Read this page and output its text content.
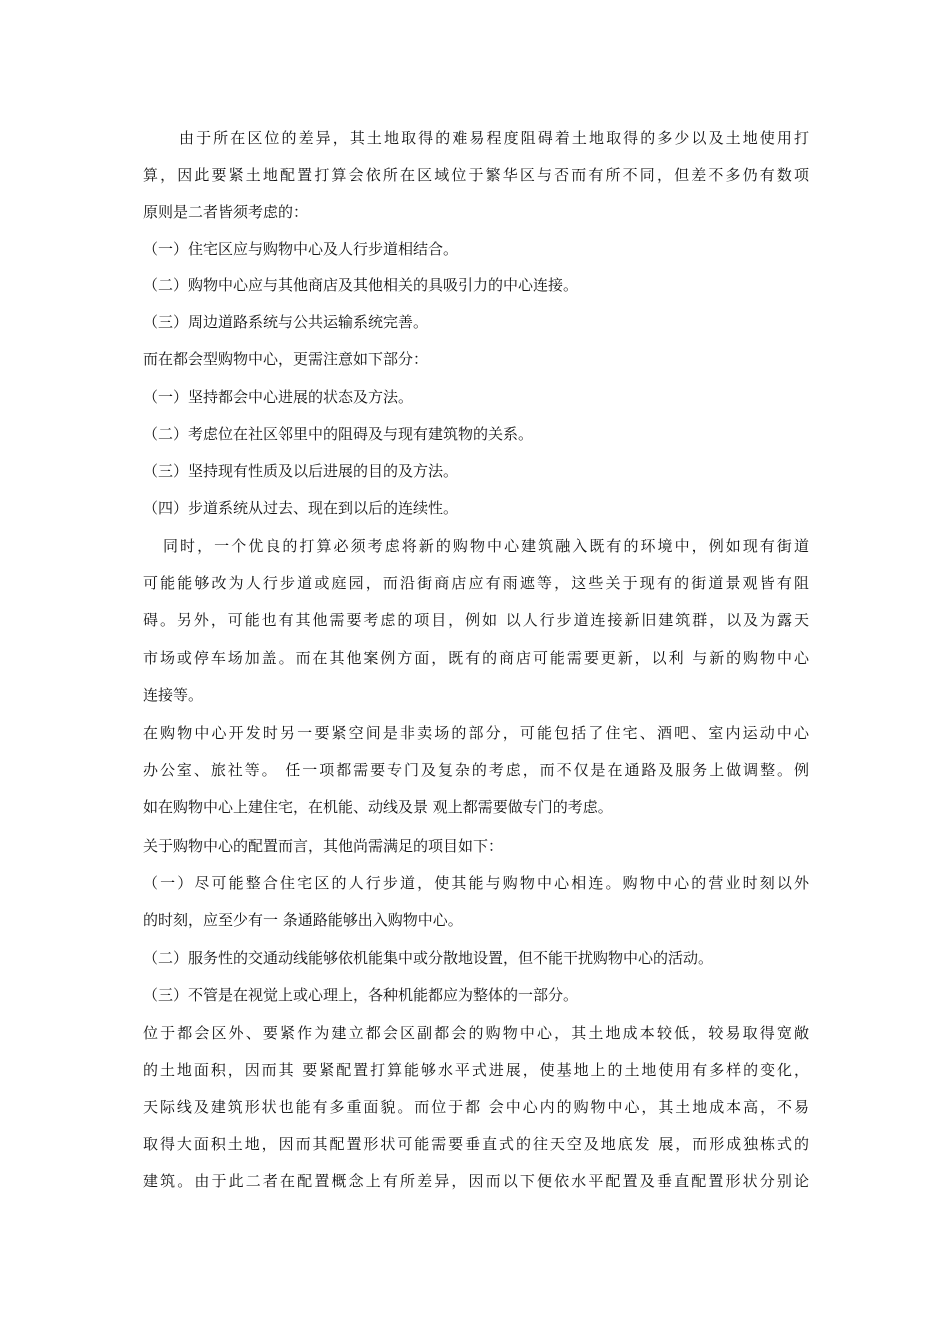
由于所在区位的差异，其土地取得的难易程度阻碍着土地取得的多少以及土地使用打
算，因此要紧土地配置打算会依所在区域位于繁华区与否而有所不同，但差不多仍有数项
原则是二者皆须考虑的：
（一）住宅区应与购物中心及人行步道相结合。
（二）购物中心应与其他商店及其他相关的具吸引力的中心连接。
（三）周边道路系统与公共运输系统完善。
而在都会型购物中心，更需注意如下部分：
（一）坚持都会中心进展的状态及方法。
（二）考虑位在社区邻里中的阻碍及与现有建筑物的关系。
（三）坚持现有性质及以后进展的目的及方法。
（四）步道系统从过去、现在到以后的连续性。
同时，一个优良的打算必须考虑将新的购物中心建筑融入既有的环境中，例如现有街道
可能能够改为人行步道或庭园，而沿街商店应有雨遮等，这些关于现有的街道景观皆有阻
碍。另外，可能也有其他需要考虑的项目，例如 以人行步道连接新旧建筑群，以及为露天
市场或停车场加盖。而在其他案例方面，既有的商店可能需要更新，以利 与新的购物中心
连接等。
在购物中心开发时另一要紧空间是非卖场的部分，可能包括了住宅、酒吧、室内运动中心
办公室、旅社等。 任一项都需要专门及复杂的考虑，而不仅是在通路及服务上做调整。例
如在购物中心上建住宅，在机能、动线及景 观上都需要做专门的考虑。
关于购物中心的配置而言，其他尚需满足的项目如下：
（一）尽可能整合住宅区的人行步道，使其能与购物中心相连。购物中心的营业时刻以外
的时刻，应至少有一 条通路能够出入购物中心。
（二）服务性的交通动线能够依机能集中或分散地设置，但不能干扰购物中心的活动。
（三）不管是在视觉上或心理上，各种机能都应为整体的一部分。
位于都会区外、要紧作为建立都会区副都会的购物中心，其土地成本较低，较易取得宽敞
的土地面积，因而其 要紧配置打算能够水平式进展，使基地上的土地使用有多样的变化，
天际线及建筑形状也能有多重面貌。而位于都 会中心内的购物中心，其土地成本高，不易
取得大面积土地，因而其配置形状可能需要垂直式的往天空及地底发 展，而形成独栋式的
建筑。由于此二者在配置概念上有所差异，因而以下便依水平配置及垂直配置形状分别论
